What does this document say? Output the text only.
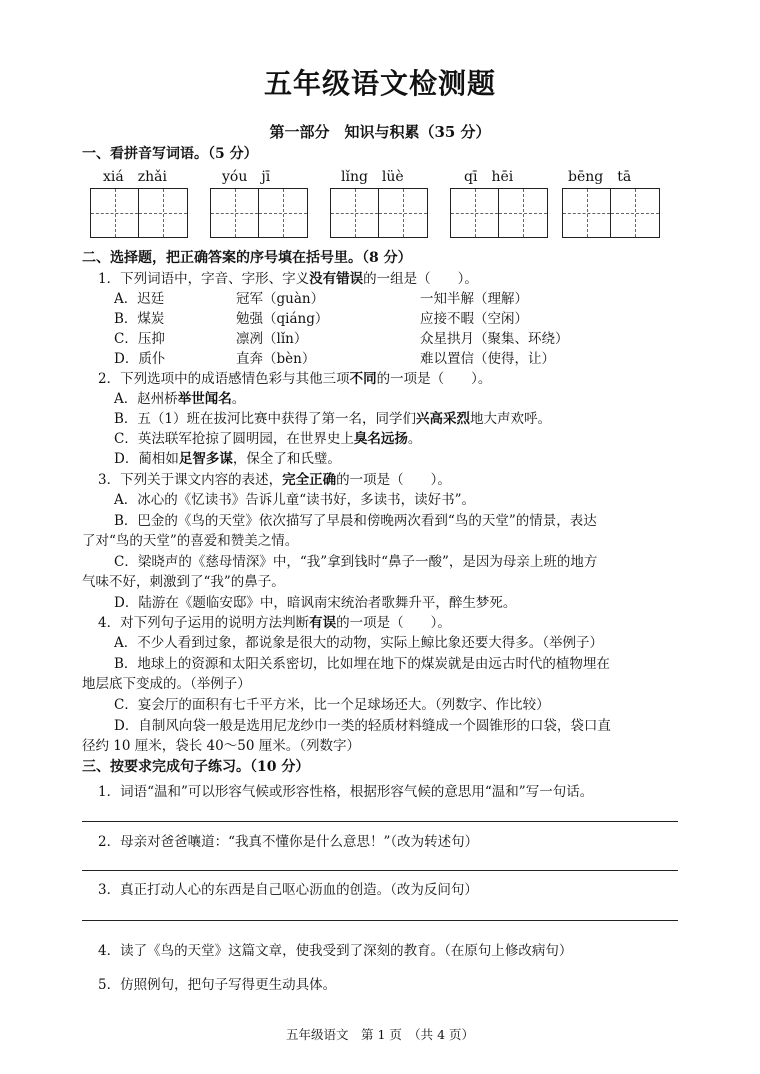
五年级语文检测题
第一部分　知识与积累（35 分）
一、看拼音写词语。（5 分）
xiá　zhǎi	yóu　jī	lǐng　lüè	qī　hēi	bēng　tā
二、选择题，把正确答案的序号填在括号里。（8 分）
1．下列词语中，字音、字形、字义没有错误的一组是（　　）。
A．迟廷	冠军（guàn）	一知半解（理解）
B．煤炭	勉强（qiáng）	应接不暇（空闲）
C．压抑	凛冽（lǐn）	众星拱月（聚集、环绕）
D．质仆	直奔（bèn）	难以置信（使得，让）
2．下列选项中的成语感情色彩与其他三项不同的一项是（　　）。
A．赵州桥举世闻名。
B．五（1）班在拔河比赛中获得了第一名，同学们兴高采烈地大声欢呼。
C．英法联军抢掠了圆明园，在世界史上臭名远扬。
D．蔺相如足智多谋，保全了和氏璧。
3．下列关于课文内容的表述，完全正确的一项是（　　）。
A．冰心的《忆读书》告诉儿童“读书好，多读书，读好书”。
B．巴金的《鸟的天堂》依次描写了早晨和傍晚两次看到“鸟的天堂”的情景，表达
了对“鸟的天堂”的喜爱和赞美之情。
C．梁晓声的《慈母情深》中，“我”拿到钱时“鼻子一酸”，是因为母亲上班的地方
气味不好，刺激到了“我”的鼻子。
D．陆游在《题临安邸》中，暗讽南宋统治者歌舞升平，醉生梦死。
4．对下列句子运用的说明方法判断有误的一项是（　　）。
A．不少人看到过象，都说象是很大的动物，实际上鲸比象还要大得多。（举例子）
B．地球上的资源和太阳关系密切，比如埋在地下的煤炭就是由远古时代的植物埋在
地层底下变成的。（举例子）
C．宴会厅的面积有七千平方米，比一个足球场还大。（列数字、作比较）
D．自制风向袋一般是选用尼龙纱巾一类的轻质材料缝成一个圆锥形的口袋，袋口直
径约 10 厘米，袋长 40～50 厘米。（列数字）
三、按要求完成句子练习。（10 分）
1．词语“温和”可以形容气候或形容性格，根据形容气候的意思用“温和”写一句话。
2．母亲对爸爸嚷道：“我真不懂你是什么意思！”（改为转述句）
3．真正打动人心的东西是自己呕心沥血的创造。（改为反问句）
4．读了《鸟的天堂》这篇文章，使我受到了深刻的教育。（在原句上修改病句）
5．仿照例句，把句子写得更生动具体。
五年级语文　第 1 页　（共 4 页）
